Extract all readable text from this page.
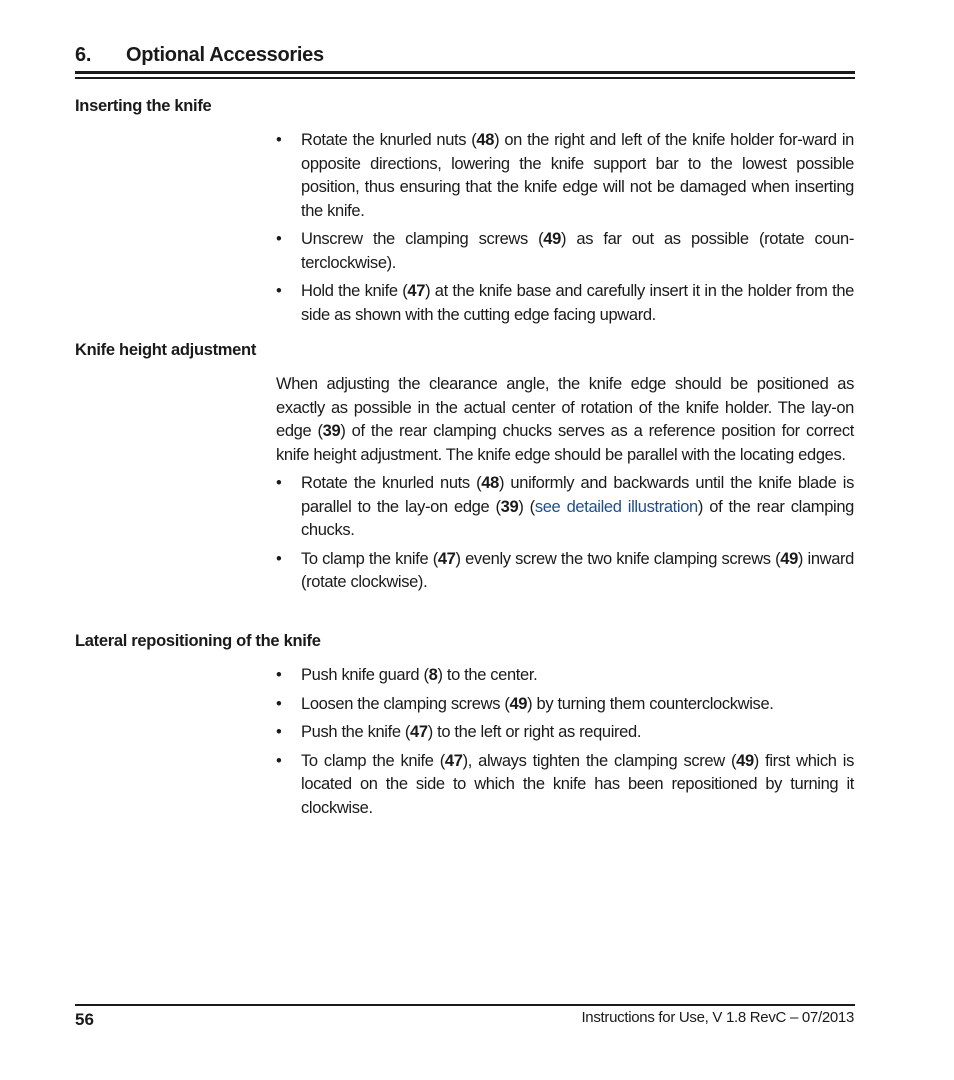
6. Optional Accessories
Inserting the knife
• Rotate the knurled nuts (48) on the right and left of the knife holder for-ward in opposite directions, lowering the knife support bar to the lowest possible position, thus ensuring that the knife edge will not be damaged when inserting the knife.
• Unscrew the clamping screws (49) as far out as possible (rotate coun-terclockwise).
• Hold the knife (47) at the knife base and carefully insert it in the holder from the side as shown with the cutting edge facing upward.
Knife height adjustment
When adjusting the clearance angle, the knife edge should be positioned as exactly as possible in the actual center of rotation of the knife holder. The lay-on edge (39) of the rear clamping chucks serves as a reference position for correct knife height adjustment. The knife edge should be parallel with the locating edges.
• Rotate the knurled nuts (48) uniformly and backwards until the knife blade is parallel to the lay-on edge (39) (see detailed illustration) of the rear clamping chucks.
• To clamp the knife (47) evenly screw the two knife clamping screws (49) inward (rotate clockwise).
Lateral repositioning of the knife
• Push knife guard (8) to the center.
• Loosen the clamping screws (49) by turning them counterclockwise.
• Push the knife (47) to the left or right as required.
• To clamp the knife (47), always tighten the clamping screw (49) first which is located on the side to which the knife has been repositioned by turning it clockwise.
56	Instructions for Use, V 1.8 RevC – 07/2013
